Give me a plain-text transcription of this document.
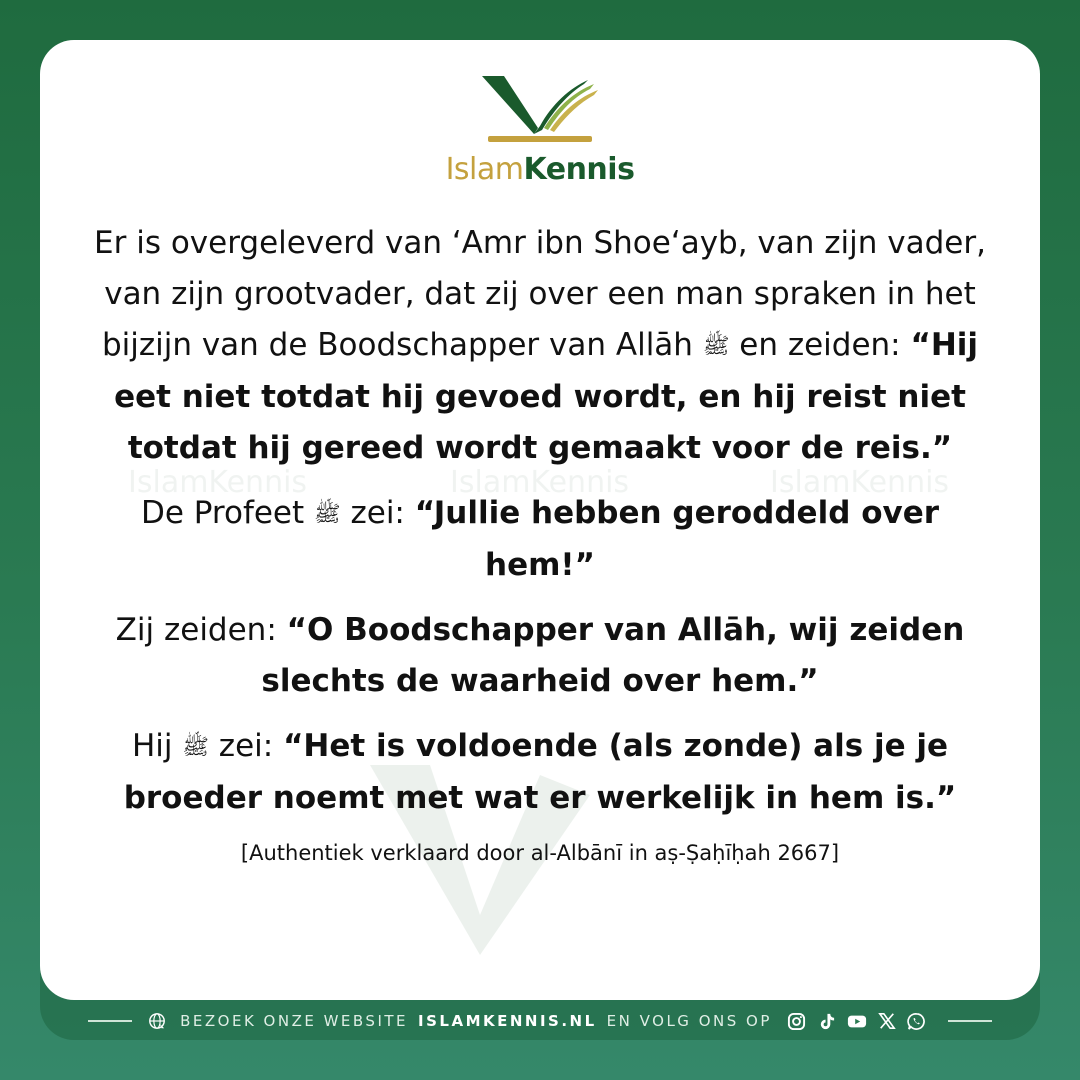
IslamKennis	IslamKennis	IslamKennis
IslamKennis

Er is overgeleverd van ‘Amr ibn Shoe‘ayb, van zijn vader, van zijn grootvader, dat zij over een man spraken in het bijzijn van de Boodschapper van Allāh ﷺ en zeiden: “Hij eet niet totdat hij gevoed wordt, en hij reist niet totdat hij gereed wordt gemaakt voor de reis.”

De Profeet ﷺ zei: “Jullie hebben geroddeld over hem!”

Zij zeiden: “O Boodschapper van Allāh, wij zeiden slechts de waarheid over hem.”

Hij ﷺ zei: “Het is voldoende (als zonde) als je je broeder noemt met wat er werkelijk in hem is.”

[Authentiek verklaard door al-Albānī in aṣ-Ṣaḥīḥah 2667]

BEZOEK ONZE WEBSITE ISLAMKENNIS.NL EN VOLG ONS OP
